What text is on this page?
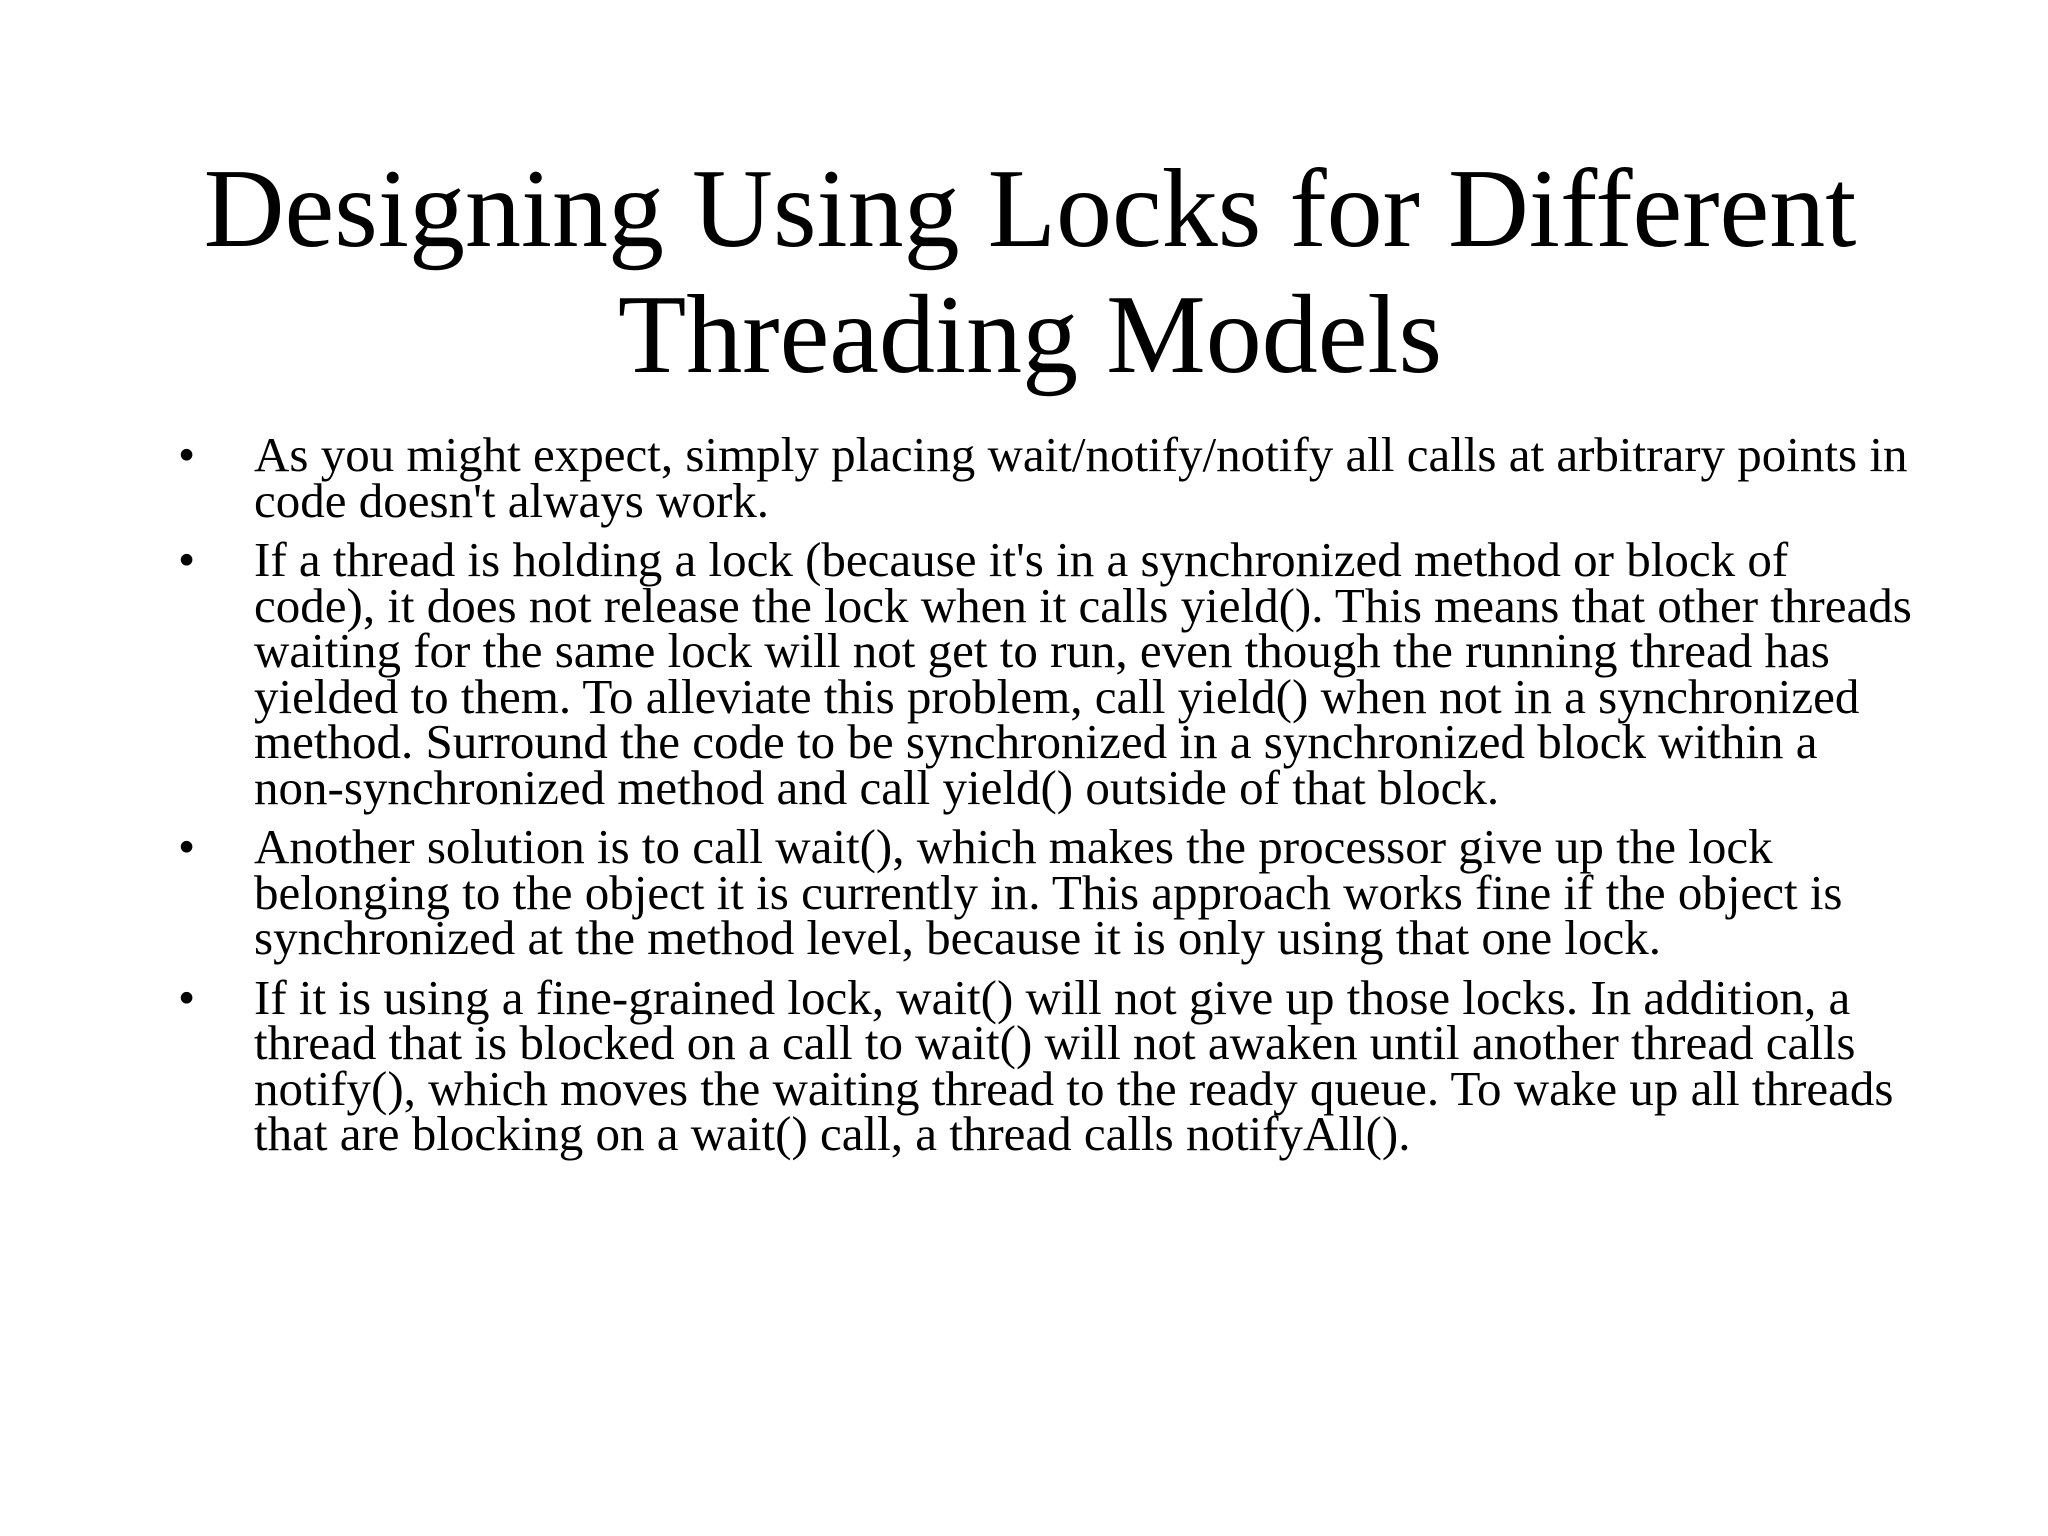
Designing Using Locks for Different Threading Models
• As you might expect, simply placing wait/notify/notify all calls at arbitrary points in code doesn't always work.
• If a thread is holding a lock (because it's in a synchronized method or block of code), it does not release the lock when it calls yield(). This means that other threads waiting for the same lock will not get to run, even though the running thread has yielded to them. To alleviate this problem, call yield() when not in a synchronized method. Surround the code to be synchronized in a synchronized block within a non-synchronized method and call yield() outside of that block.
• Another solution is to call wait(), which makes the processor give up the lock belonging to the object it is currently in. This approach works fine if the object is synchronized at the method level, because it is only using that one lock.
• If it is using a fine-grained lock, wait() will not give up those locks. In addition, a thread that is blocked on a call to wait() will not awaken until another thread calls notify(), which moves the waiting thread to the ready queue. To wake up all threads that are blocking on a wait() call, a thread calls notifyAll().
